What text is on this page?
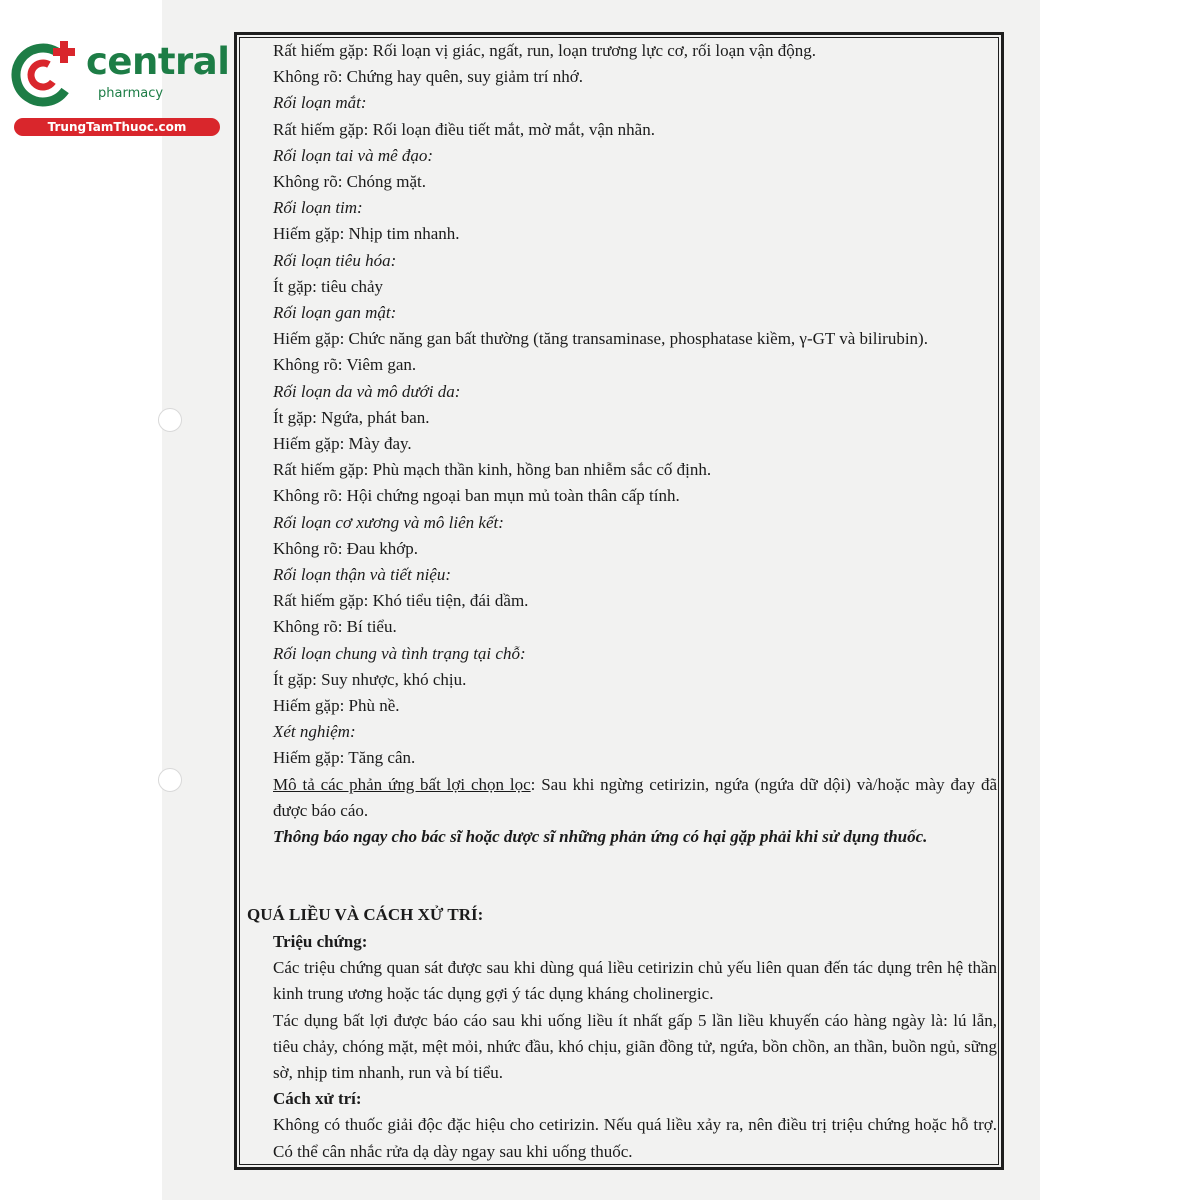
central
pharmacy
TrungTamThuoc.com
Rất hiếm gặp: Rối loạn vị giác, ngất, run, loạn trương lực cơ, rối loạn vận động.
Không rõ: Chứng hay quên, suy giảm trí nhớ.
Rối loạn mắt:
Rất hiếm gặp: Rối loạn điều tiết mắt, mờ mắt, vận nhãn.
Rối loạn tai và mê đạo:
Không rõ: Chóng mặt.
Rối loạn tim:
Hiếm gặp: Nhịp tim nhanh.
Rối loạn tiêu hóa:
Ít gặp: tiêu chảy
Rối loạn gan mật:
Hiếm gặp: Chức năng gan bất thường (tăng transaminase, phosphatase kiềm, γ-GT và bilirubin).
Không rõ: Viêm gan.
Rối loạn da và mô dưới da:
Ít gặp: Ngứa, phát ban.
Hiếm gặp: Mày đay.
Rất hiếm gặp: Phù mạch thần kinh, hồng ban nhiễm sắc cố định.
Không rõ: Hội chứng ngoại ban mụn mủ toàn thân cấp tính.
Rối loạn cơ xương và mô liên kết:
Không rõ: Đau khớp.
Rối loạn thận và tiết niệu:
Rất hiếm gặp: Khó tiểu tiện, đái dầm.
Không rõ: Bí tiểu.
Rối loạn chung và tình trạng tại chỗ:
Ít gặp: Suy nhược, khó chịu.
Hiếm gặp: Phù nề.
Xét nghiệm:
Hiếm gặp: Tăng cân.
Mô tả các phản ứng bất lợi chọn lọc: Sau khi ngừng cetirizin, ngứa (ngứa dữ dội) và/hoặc mày đay đã được báo cáo.
Thông báo ngay cho bác sĩ hoặc dược sĩ những phản ứng có hại gặp phải khi sử dụng thuốc.
QUÁ LIỀU VÀ CÁCH XỬ TRÍ:
Triệu chứng:
Các triệu chứng quan sát được sau khi dùng quá liều cetirizin chủ yếu liên quan đến tác dụng trên hệ thần kinh trung ương hoặc tác dụng gợi ý tác dụng kháng cholinergic.
Tác dụng bất lợi được báo cáo sau khi uống liều ít nhất gấp 5 lần liều khuyến cáo hàng ngày là: lú lẫn, tiêu chảy, chóng mặt, mệt mỏi, nhức đầu, khó chịu, giãn đồng tử, ngứa, bồn chồn, an thần, buồn ngủ, sững sờ, nhịp tim nhanh, run và bí tiểu.
Cách xử trí:
Không có thuốc giải độc đặc hiệu cho cetirizin. Nếu quá liều xảy ra, nên điều trị triệu chứng hoặc hỗ trợ. Có thể cân nhắc rửa dạ dày ngay sau khi uống thuốc.
